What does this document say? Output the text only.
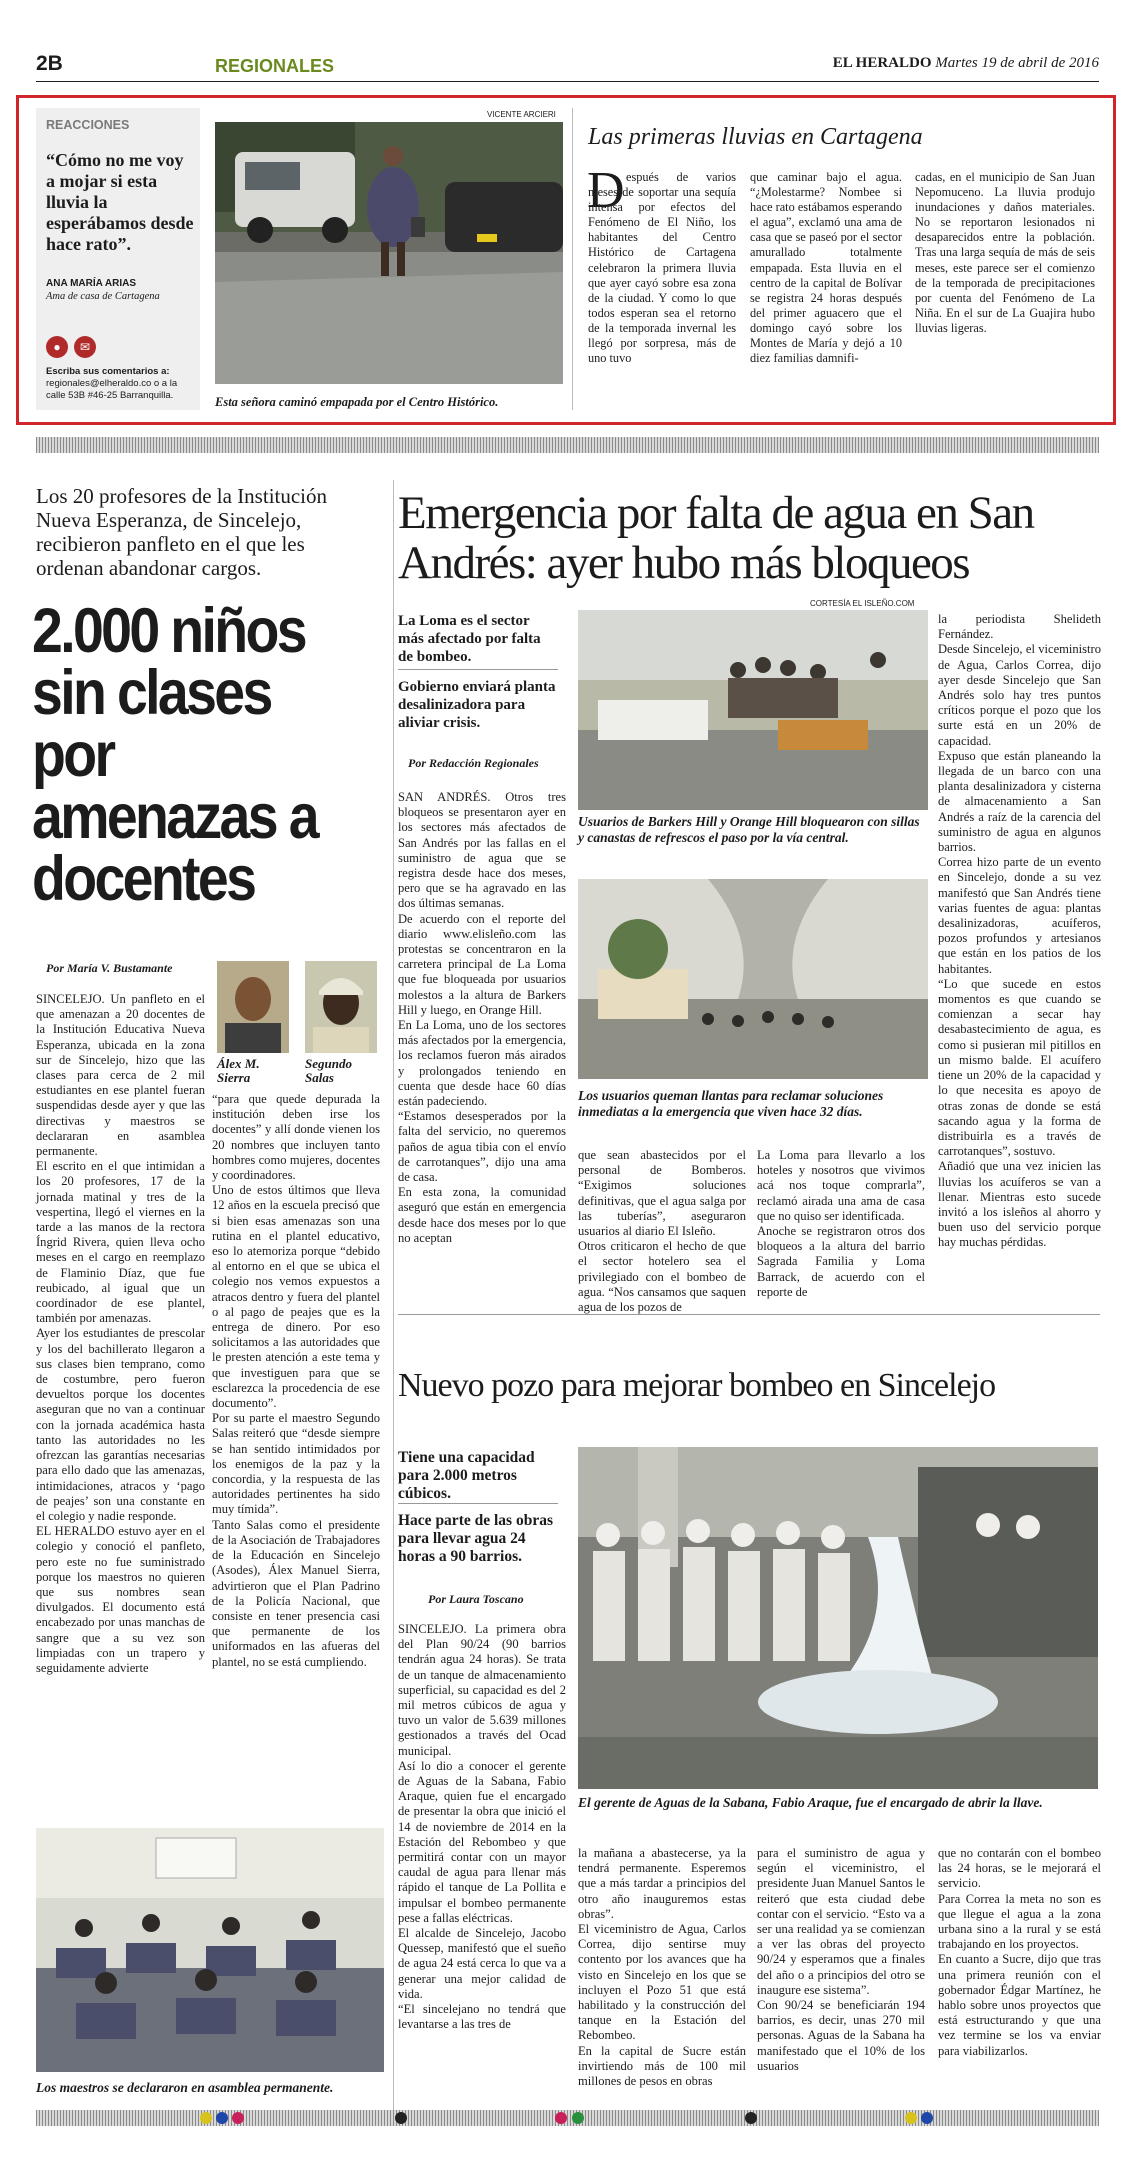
2B	REGIONALES	EL HERALDO Martes 19 de abril de 2016
REACCIONES
“Cómo no me voy a mojar si esta lluvia la esperábamos desde hace rato”.
ANA MARÍA ARIAS
Ama de casa de Cartagena
●	✉
Escriba sus comentarios a:
regionales@elheraldo.co o a la calle 53B #46-25 Barranquilla.
VICENTE ARCIERI
Esta señora caminó empapada por el Centro Histórico.
Las primeras lluvias en Cartagena
D espués de varios meses de soportar una sequía intensa por efectos del Fenómeno de El Niño, los habitantes del Centro Histórico de Cartagena celebraron la primera lluvia que ayer cayó sobre esa zona de la ciudad. Y como lo que todos esperan sea el retorno de la temporada invernal les llegó por sorpresa, más de uno tuvo
que caminar bajo el agua. “¿Molestarme? Nombee si hace rato estábamos esperando el agua”, exclamó una ama de casa que se paseó por el sector amurallado totalmente empapada. Esta lluvia en el centro de la capital de Bolívar se registra 24 horas después del primer aguacero que el domingo cayó sobre los Montes de María y dejó a 10 diez familias damnifi-
cadas, en el municipio de San Juan Nepomuceno. La lluvia produjo inundaciones y daños materiales. No se reportaron lesionados ni desaparecidos entre la población. Tras una larga sequía de más de seis meses, este parece ser el comienzo de la temporada de precipitaciones por cuenta del Fenómeno de La Niña. En el sur de La Guajira hubo lluvias ligeras.
Los 20 profesores de la Institución Nueva Esperanza, de Sincelejo, recibieron panfleto en el que les ordenan abandonar cargos.
2.000 niños sin clases por amenazas a docentes
Por María V. Bustamante
Álex M. Sierra
Segundo Salas
SINCELEJO. Un panfleto en el que amenazan a 20 docentes de la Institución Educativa Nueva Esperanza, ubicada en la zona sur de Sincelejo, hizo que las clases para cerca de 2 mil estudiantes en ese plantel fueran suspendidas desde ayer y que las directivas y maestros se declararan en asamblea permanente.
El escrito en el que intimidan a los 20 profesores, 17 de la jornada matinal y tres de la vespertina, llegó el viernes en la tarde a las manos de la rectora Íngrid Rivera, quien lleva ocho meses en el cargo en reemplazo de Flaminio Díaz, que fue reubicado, al igual que un coordinador de ese plantel, también por amenazas.
Ayer los estudiantes de prescolar y los del bachillerato llegaron a sus clases bien temprano, como de costumbre, pero fueron devueltos porque los docentes aseguran que no van a continuar con la jornada académica hasta tanto las autoridades no les ofrezcan las garantías necesarias para ello dado que las amenazas, intimidaciones, atracos y ‘pago de peajes’ son una constante en el colegio y nadie responde.
EL HERALDO estuvo ayer en el colegio y conoció el panfleto, pero este no fue suministrado porque los maestros no quieren que sus nombres sean divulgados. El documento está encabezado por unas manchas de sangre que a su vez son limpiadas con un trapero y seguidamente advierte
“para que quede depurada la institución deben irse los docentes” y allí donde vienen los 20 nombres que incluyen tanto hombres como mujeres, docentes y coordinadores.
Uno de estos últimos que lleva 12 años en la escuela precisó que si bien esas amenazas son una rutina en el plantel educativo, eso lo atemoriza porque “debido al entorno en el que se ubica el colegio nos vemos expuestos a atracos dentro y fuera del plantel o al pago de peajes que es la entrega de dinero. Por eso solicitamos a las autoridades que le presten atención a este tema y que investiguen para que se esclarezca la procedencia de ese documento”.
Por su parte el maestro Segundo Salas reiteró que “desde siempre se han sentido intimidados por los enemigos de la paz y la concordia, y la respuesta de las autoridades pertinentes ha sido muy tímida”.
Tanto Salas como el presidente de la Asociación de Trabajadores de la Educación en Sincelejo (Asodes), Álex Manuel Sierra, advirtieron que el Plan Padrino de la Policía Nacional, que consiste en tener presencia casi que permanente de los uniformados en las afueras del plantel, no se está cumpliendo.
Los maestros se declararon en asamblea permanente.
Emergencia por falta de agua en San Andrés: ayer hubo más bloqueos
La Loma es el sector más afectado por falta de bombeo.
Gobierno enviará planta desalinizadora para aliviar crisis.
Por Redacción Regionales
SAN ANDRÉS. Otros tres bloqueos se presentaron ayer en los sectores más afectados de San Andrés por las fallas en el suministro de agua que se registra desde hace dos meses, pero que se ha agravado en las dos últimas semanas.
De acuerdo con el reporte del diario www.elisleño.com las protestas se concentraron en la carretera principal de La Loma que fue bloqueada por usuarios molestos a la altura de Barkers Hill y luego, en Orange Hill.
En La Loma, uno de los sectores más afectados por la emergencia, los reclamos fueron más airados y prolongados teniendo en cuenta que desde hace 60 días están padeciendo.
“Estamos desesperados por la falta del servicio, no queremos paños de agua tibia con el envío de carrotanques”, dijo una ama de casa.
En esta zona, la comunidad aseguró que están en emergencia desde hace dos meses por lo que no aceptan
CORTESÍA EL ISLEÑO.COM
Usuarios de Barkers Hill y Orange Hill bloquearon con sillas y canastas de refrescos el paso por la vía central.
Los usuarios queman llantas para reclamar soluciones inmediatas a la emergencia que viven hace 32 días.
que sean abastecidos por el personal de Bomberos. “Exigimos soluciones definitivas, que el agua salga por las tuberías”, aseguraron usuarios al diario El Isleño.
Otros criticaron el hecho de que el sector hotelero sea el privilegiado con el bombeo de agua. “Nos cansamos que saquen agua de los pozos de
La Loma para llevarlo a los hoteles y nosotros que vivimos acá nos toque comprarla”, reclamó airada una ama de casa que no quiso ser identificada.
Anoche se registraron otros dos bloqueos a la altura del barrio Sagrada Familia y Loma Barrack, de acuerdo con el reporte de
la periodista Shelideth Fernández.
Desde Sincelejo, el viceministro de Agua, Carlos Correa, dijo ayer desde Sincelejo que San Andrés solo hay tres puntos críticos porque el pozo que los surte está en un 20% de capacidad.
Expuso que están planeando la llegada de un barco con una planta desalinizadora y cisterna de almacenamiento a San Andrés a raíz de la carencia del suministro de agua en algunos barrios.
Correa hizo parte de un evento en Sincelejo, donde a su vez manifestó que San Andrés tiene varias fuentes de agua: plantas desalinizadoras, acuíferos, pozos profundos y artesianos que están en los patios de los habitantes.
“Lo que sucede en estos momentos es que cuando se comienzan a secar hay desabastecimiento de agua, es como si pusieran mil pitillos en un mismo balde. El acuífero tiene un 20% de la capacidad y lo que necesita es apoyo de otras zonas de donde se está sacando agua y la forma de distribuirla es a través de carrotanques”, sostuvo.
Añadió que una vez inicien las lluvias los acuíferos se van a llenar. Mientras esto sucede invitó a los isleños al ahorro y buen uso del servicio porque hay muchas pérdidas.
Nuevo pozo para mejorar bombeo en Sincelejo
Tiene una capacidad para 2.000 metros cúbicos.
Hace parte de las obras para llevar agua 24 horas a 90 barrios.
Por Laura Toscano
SINCELEJO. La primera obra del Plan 90/24 (90 barrios tendrán agua 24 horas). Se trata de un tanque de almacenamiento superficial, su capacidad es del 2 mil metros cúbicos de agua y tuvo un valor de 5.639 millones gestionados a través del Ocad municipal.
Así lo dio a conocer el gerente de Aguas de la Sabana, Fabio Araque, quien fue el encargado de presentar la obra que inició el 14 de noviembre de 2014 en la Estación del Rebombeo y que permitirá contar con un mayor caudal de agua para llenar más rápido el tanque de La Pollita e impulsar el bombeo permanente pese a fallas eléctricas.
El alcalde de Sincelejo, Jacobo Quessep, manifestó que el sueño de agua 24 está cerca lo que va a generar una mejor calidad de vida.
“El sincelejano no tendrá que levantarse a las tres de
El gerente de Aguas de la Sabana, Fabio Araque, fue el encargado de abrir la llave.
la mañana a abastecerse, ya la tendrá permanente. Esperemos que a más tardar a principios del otro año inauguremos estas obras”.
El viceministro de Agua, Carlos Correa, dijo sentirse muy contento por los avances que ha visto en Sincelejo en los que se incluyen el Pozo 51 que está habilitado y la construcción del tanque en la Estación del Rebombeo.
En la capital de Sucre están invirtiendo más de 100 mil millones de pesos en obras
para el suministro de agua y según el viceministro, el presidente Juan Manuel Santos le reiteró que esta ciudad debe contar con el servicio. “Esto va a ser una realidad ya se comienzan a ver las obras del proyecto 90/24 y esperamos que a finales del año o a principios del otro se inaugure ese sistema”.
Con 90/24 se beneficiarán 194 barrios, es decir, unas 270 mil personas. Aguas de la Sabana ha manifestado que el 10% de los usuarios
que no contarán con el bombeo las 24 horas, se le mejorará el servicio.
Para Correa la meta no son es que llegue el agua a la zona urbana sino a la rural y se está trabajando en los proyectos.
En cuanto a Sucre, dijo que tras una primera reunión con el gobernador Édgar Martínez, he hablo sobre unos proyectos que está estructurando y que una vez termine se los va enviar para viabilizarlos.
